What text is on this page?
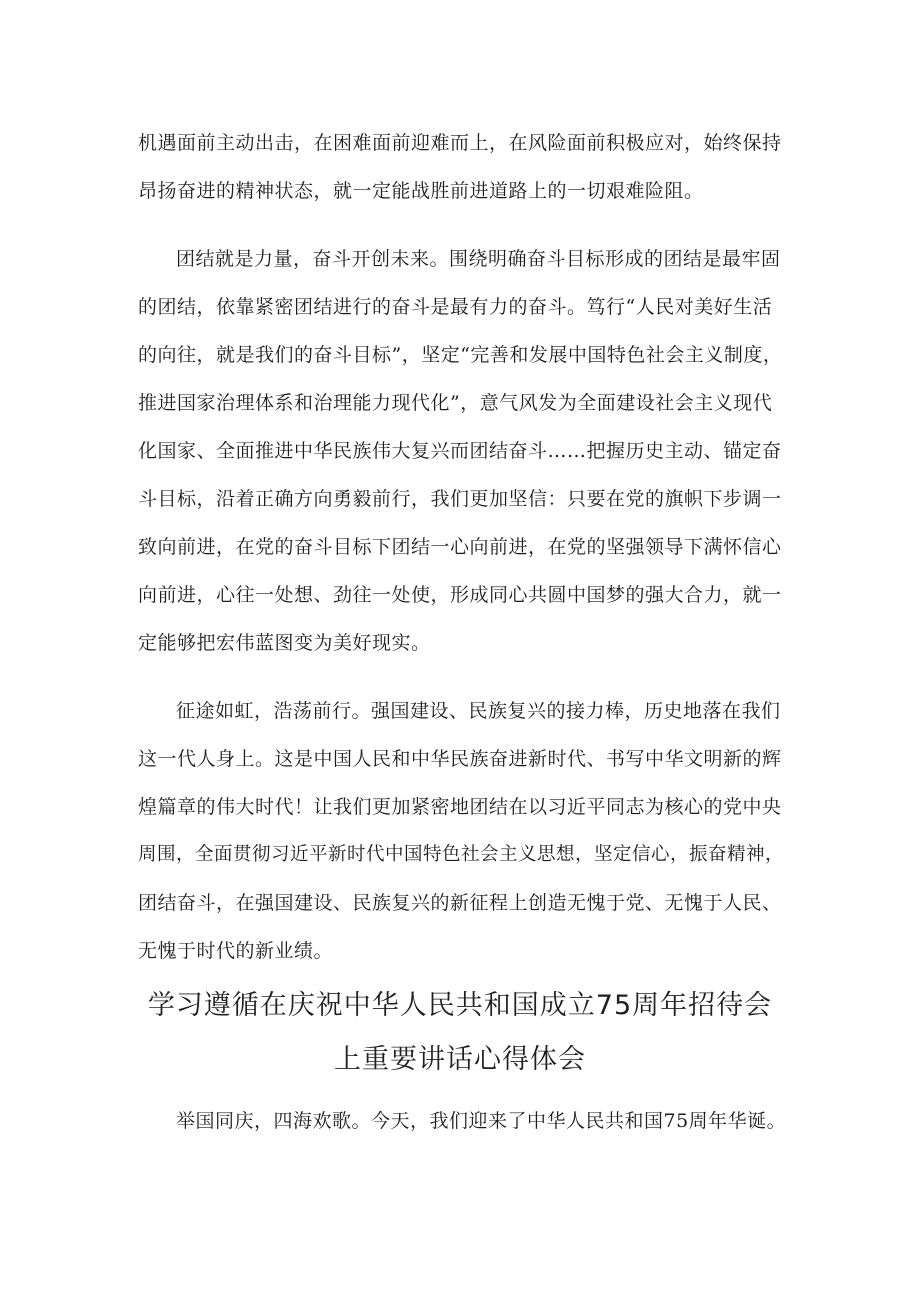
机遇面前主动出击，在困难面前迎难而上，在风险面前积极应对，始终保持
昂扬奋进的精神状态，就一定能战胜前进道路上的一切艰难险阻。
团结就是力量，奋斗开创未来。围绕明确奋斗目标形成的团结是最牢固
的团结，依靠紧密团结进行的奋斗是最有力的奋斗。笃行“人民对美好生活
的向往，就是我们的奋斗目标”，坚定“完善和发展中国特色社会主义制度，
推进国家治理体系和治理能力现代化”，意气风发为全面建设社会主义现代
化国家、全面推进中华民族伟大复兴而团结奋斗……把握历史主动、锚定奋
斗目标，沿着正确方向勇毅前行，我们更加坚信：只要在党的旗帜下步调一
致向前进，在党的奋斗目标下团结一心向前进，在党的坚强领导下满怀信心
向前进，心往一处想、劲往一处使，形成同心共圆中国梦的强大合力，就一
定能够把宏伟蓝图变为美好现实。
征途如虹，浩荡前行。强国建设、民族复兴的接力棒，历史地落在我们
这一代人身上。这是中国人民和中华民族奋进新时代、书写中华文明新的辉
煌篇章的伟大时代！让我们更加紧密地团结在以习近平同志为核心的党中央
周围，全面贯彻习近平新时代中国特色社会主义思想，坚定信心，振奋精神，
团结奋斗，在强国建设、民族复兴的新征程上创造无愧于党、无愧于人民、
无愧于时代的新业绩。
学习遵循在庆祝中华人民共和国成立75周年招待会
上重要讲话心得体会
举国同庆，四海欢歌。今天，我们迎来了中华人民共和国75周年华诞。
